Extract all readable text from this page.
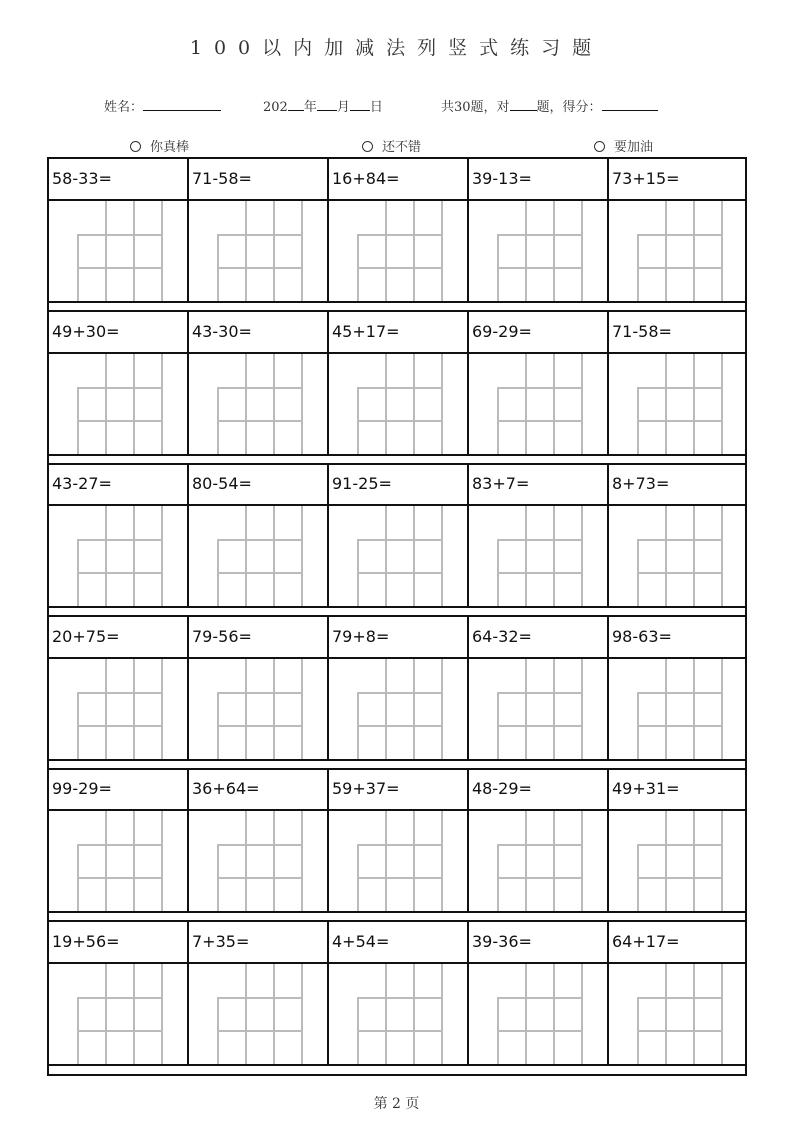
100以内加减法列竖式练习题
姓名：	202 年 月 日	共30题，对 题，得分：
你真棒	还不错	要加油
58-33=	71-58=	16+84=	39-13=	73+15=
49+30=	43-30=	45+17=	69-29=	71-58=
43-27=	80-54=	91-25=	83+7=	8+73=
20+75=	79-56=	79+8=	64-32=	98-63=
99-29=	36+64=	59+37=	48-29=	49+31=
19+56=	7+35=	4+54=	39-36=	64+17=
第 2 页
